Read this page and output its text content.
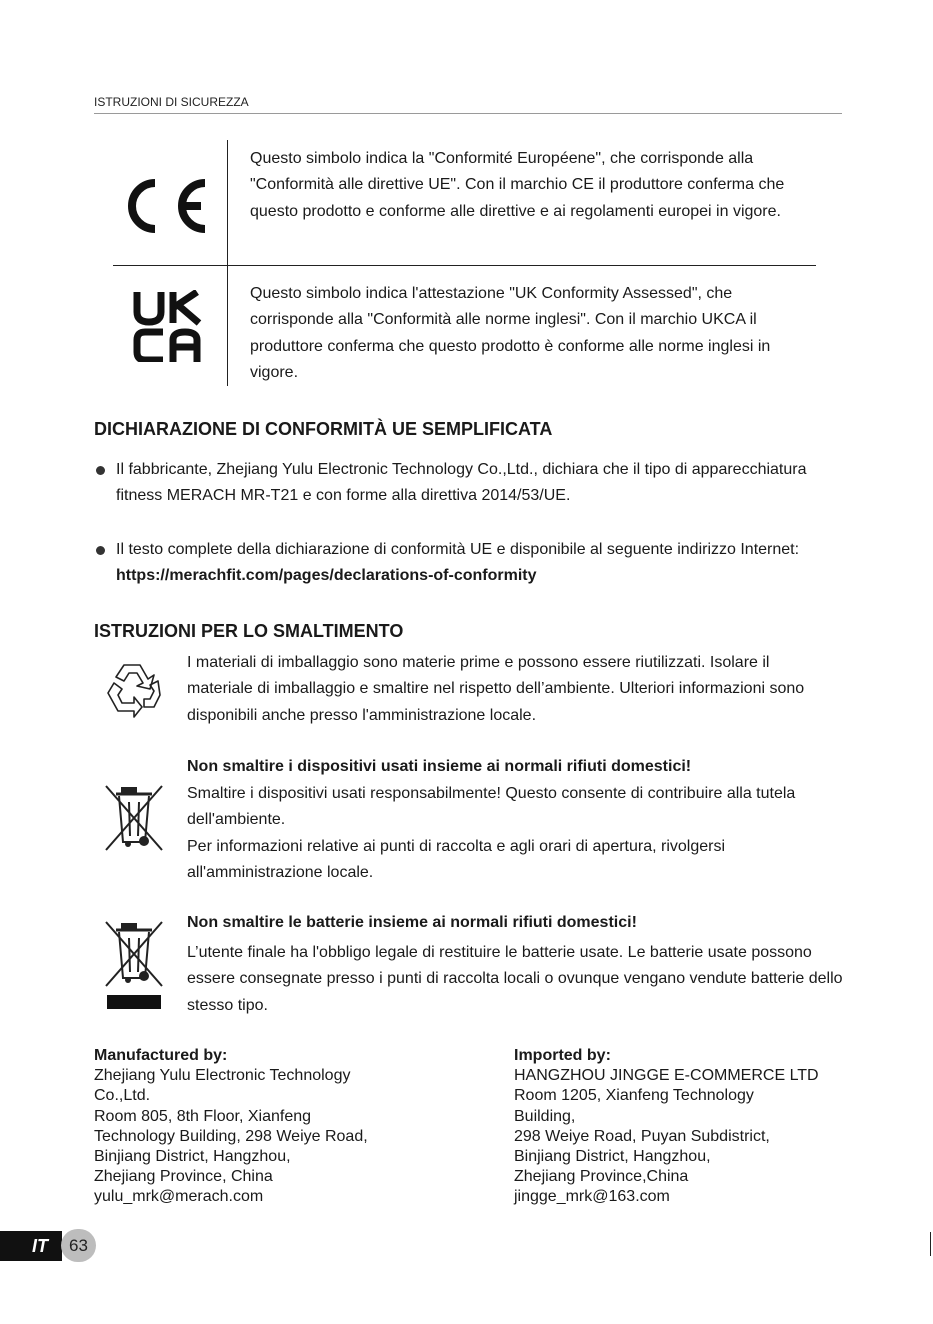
ISTRUZIONI DI SICUREZZA
Questo simbolo indica la "Conformité Européene", che corrisponde alla "Conformità alle direttive UE". Con il marchio CE il produttore conferma che questo prodotto e conforme alle direttive e ai regolamenti europei in vigore.
Questo simbolo indica l'attestazione "UK Conformity Assessed", che corrisponde alla "Conformità alle norme inglesi". Con il marchio UKCA il produttore conferma che questo prodotto è conforme alle norme inglesi in vigore.
DICHIARAZIONE DI CONFORMITÀ UE SEMPLIFICATA
Il fabbricante, Zhejiang Yulu Electronic Technology Co.,Ltd., dichiara che il tipo di apparecchiatura fitness MERACH MR-T21 e con forme alla direttiva 2014/53/UE.
Il testo complete della dichiarazione di conformità UE e disponibile al seguente indirizzo Internet: https://merachfit.com/pages/declarations-of-conformity
ISTRUZIONI PER LO SMALTIMENTO
I materiali di imballaggio sono materie prime e possono essere riutilizzati. Isolare il materiale di imballaggio e smaltire nel rispetto dell’ambiente. Ulteriori informazioni sono disponibili anche presso l'amministrazione locale.
Non smaltire i dispositivi usati insieme ai normali rifiuti domestici!
Smaltire i dispositivi usati responsabilmente! Questo consente di contribuire alla tutela dell'ambiente.
Per informazioni relative ai punti di raccolta e agli orari di apertura, rivolgersi all'amministrazione locale.
Non smaltire le batterie insieme ai normali rifiuti domestici!
L’utente finale ha l'obbligo legale di restituire le batterie usate. Le batterie usate possono essere consegnate presso i punti di raccolta locali o ovunque vengano vendute batterie dello stesso tipo.
Manufactured by:
Zhejiang Yulu Electronic Technology
Co.,Ltd.
Room 805, 8th Floor, Xianfeng
Technology Building, 298 Weiye Road,
Binjiang District, Hangzhou,
Zhejiang Province, China
yulu_mrk@merach.com
Imported by:
HANGZHOU JINGGE E-COMMERCE LTD
Room 1205, Xianfeng Technology
Building,
298 Weiye Road, Puyan Subdistrict,
Binjiang District, Hangzhou,
Zhejiang Province,China
jingge_mrk@163.com
IT	63
